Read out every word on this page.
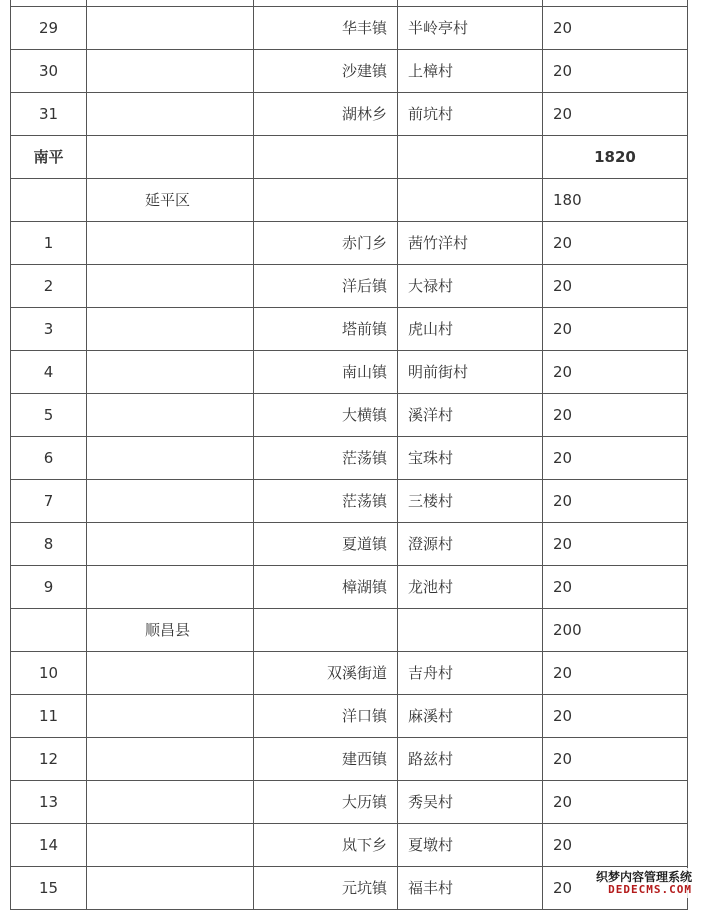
29		华丰镇	半岭亭村	20
30		沙建镇	上樟村	20
31		湖林乡	前坑村	20
南平				1820
	延平区			180
1		赤门乡	茜竹洋村	20
2		洋后镇	大禄村	20
3		塔前镇	虎山村	20
4		南山镇	明前街村	20
5		大横镇	溪洋村	20
6		茫荡镇	宝珠村	20
7		茫荡镇	三楼村	20
8		夏道镇	澄源村	20
9		樟湖镇	龙池村	20
	顺昌县			200
10		双溪街道	吉舟村	20
11		洋口镇	麻溪村	20
12		建西镇	路兹村	20
13		大历镇	秀吴村	20
14		岚下乡	夏墩村	20
15		元坑镇	福丰村	20
织梦内容管理系统
DEDECMS.COM
